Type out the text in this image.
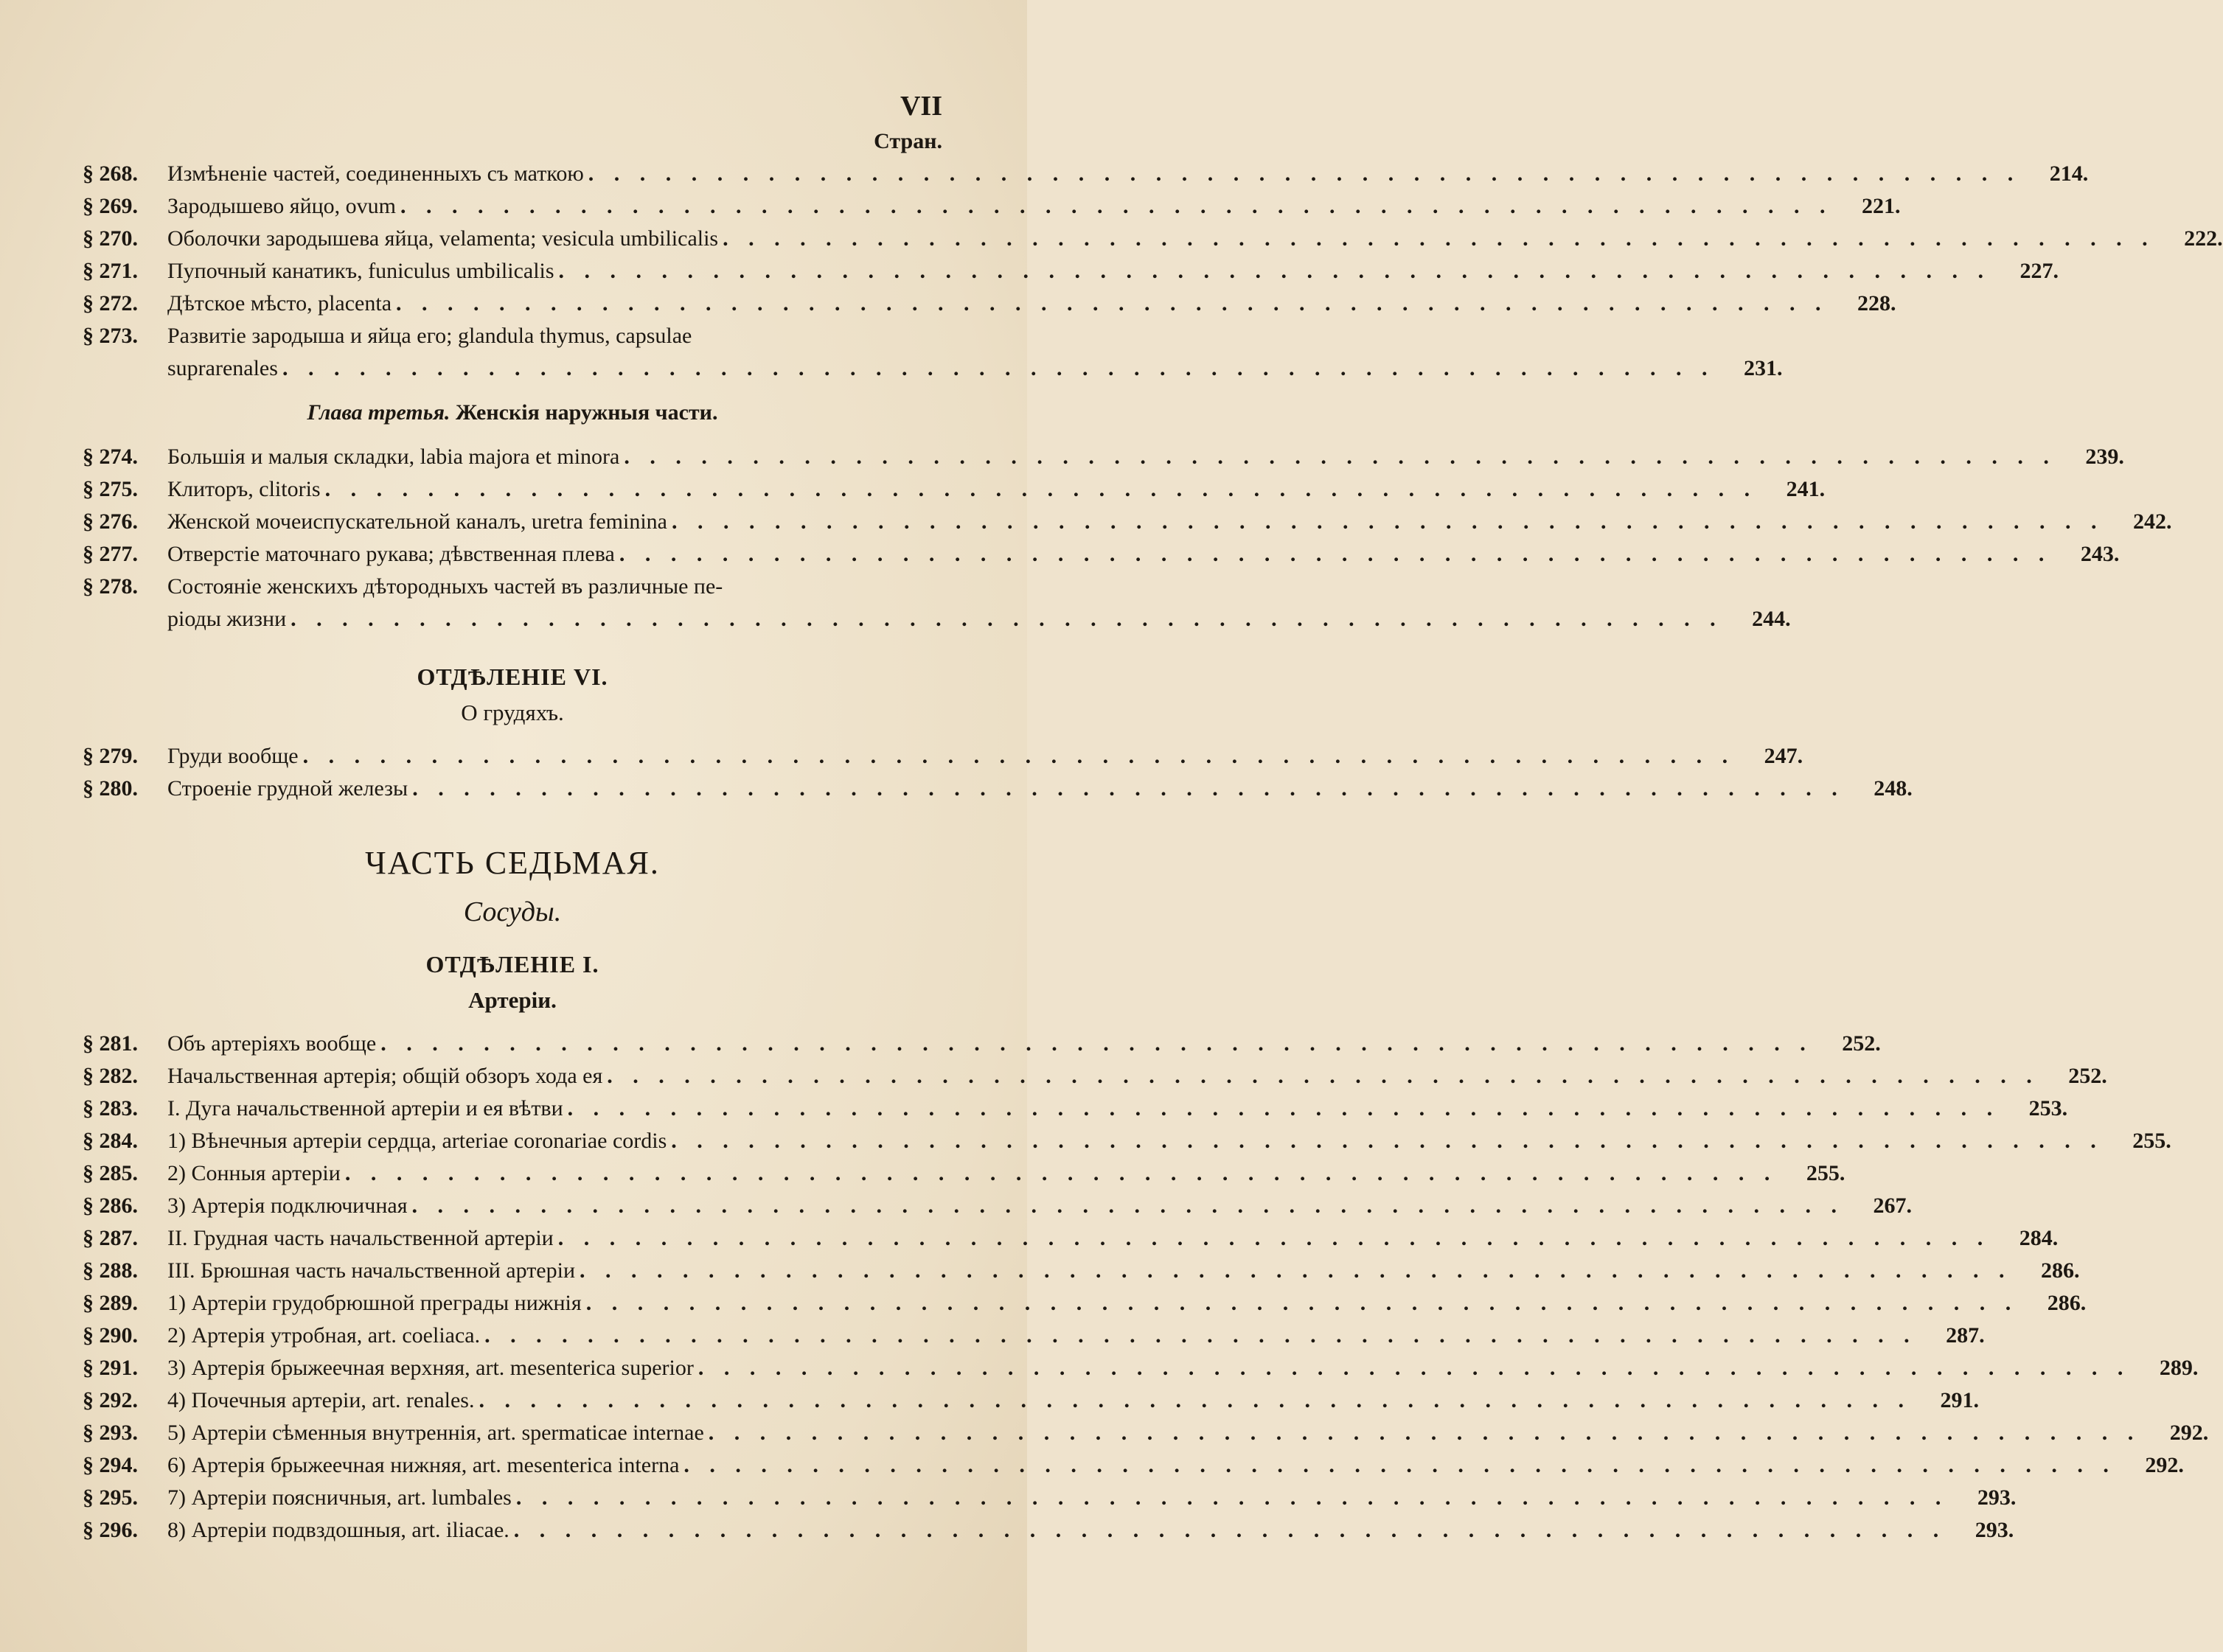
VII
Стран.
§ 268.	Измѣненіе частей, соединенныхъ съ маткою . . .	214.
§ 269.	Зародышево яйцо, ovum . . .	221.
§ 270.	Оболочки зародышева яйца, velamenta; vesicula umbilicalis . . .	222.
§ 271.	Пупочный канатикъ, funiculus umbilicalis . . .	227.
§ 272.	Дѣтское мѣсто, placenta . . .	228.
§ 273.	Развитіе зародыша и яйца его; glandula thymus, capsulae
suprarenales . . .	231.
Глава третья. Женскія наружныя части.
§ 274.	Большія и малыя складки, labia majora et minora . . .	239.
§ 275.	Клиторъ, clitoris . . .	241.
§ 276.	Женской мочеиспускательной каналъ, uretra feminina . . .	242.
§ 277.	Отверстіе маточнаго рукава; дѣвственная плева . . .	243.
§ 278.	Состояніе женскихъ дѣтородныхъ частей въ различные пе-
ріоды жизни . . .	244.
ОТДѢЛЕНІЕ VI.
О грудяхъ.
§ 279.	Груди вообще . . .	247.
§ 280.	Строеніе грудной железы . . .	248.
ЧАСТЬ СЕДЬМАЯ.
Сосуды.
ОТДѢЛЕНІЕ I.
Артеріи.
§ 281.	Объ артеріяхъ вообще . . .	252.
§ 282.	Начальственная артерія; общій обзоръ хода ея . . .	252.
§ 283.	I. Дуга начальственной артеріи и ея вѣтви . . .	253.
§ 284.	1) Вѣнечныя артеріи сердца, arteriae coronariae cordis . . .	255.
§ 285.	2) Сонныя артеріи . . .	255.
§ 286.	3) Артерія подключичная . . .	267.
§ 287.	II. Грудная часть начальственной артеріи . . .	284.
§ 288.	III. Брюшная часть начальственной артеріи . . .	286.
§ 289.	1) Артеріи грудобрюшной преграды нижнія . . .	286.
§ 290.	2) Артерія утробная, art. coeliaca. . . .	287.
§ 291.	3) Артерія брыжеечная верхняя, art. mesenterica superior . . .	289.
§ 292.	4) Почечныя артеріи, art. renales. . . .	291.
§ 293.	5) Артеріи сѣменныя внутреннія, art. spermaticae internae . . .	292.
§ 294.	6) Артерія брыжеечная нижняя, art. mesenterica interna . . .	292.
§ 295.	7) Артеріи поясничныя, art. lumbales . . .	293.
§ 296.	8) Артеріи подвздошныя, art. iliacae. . . .	293.
